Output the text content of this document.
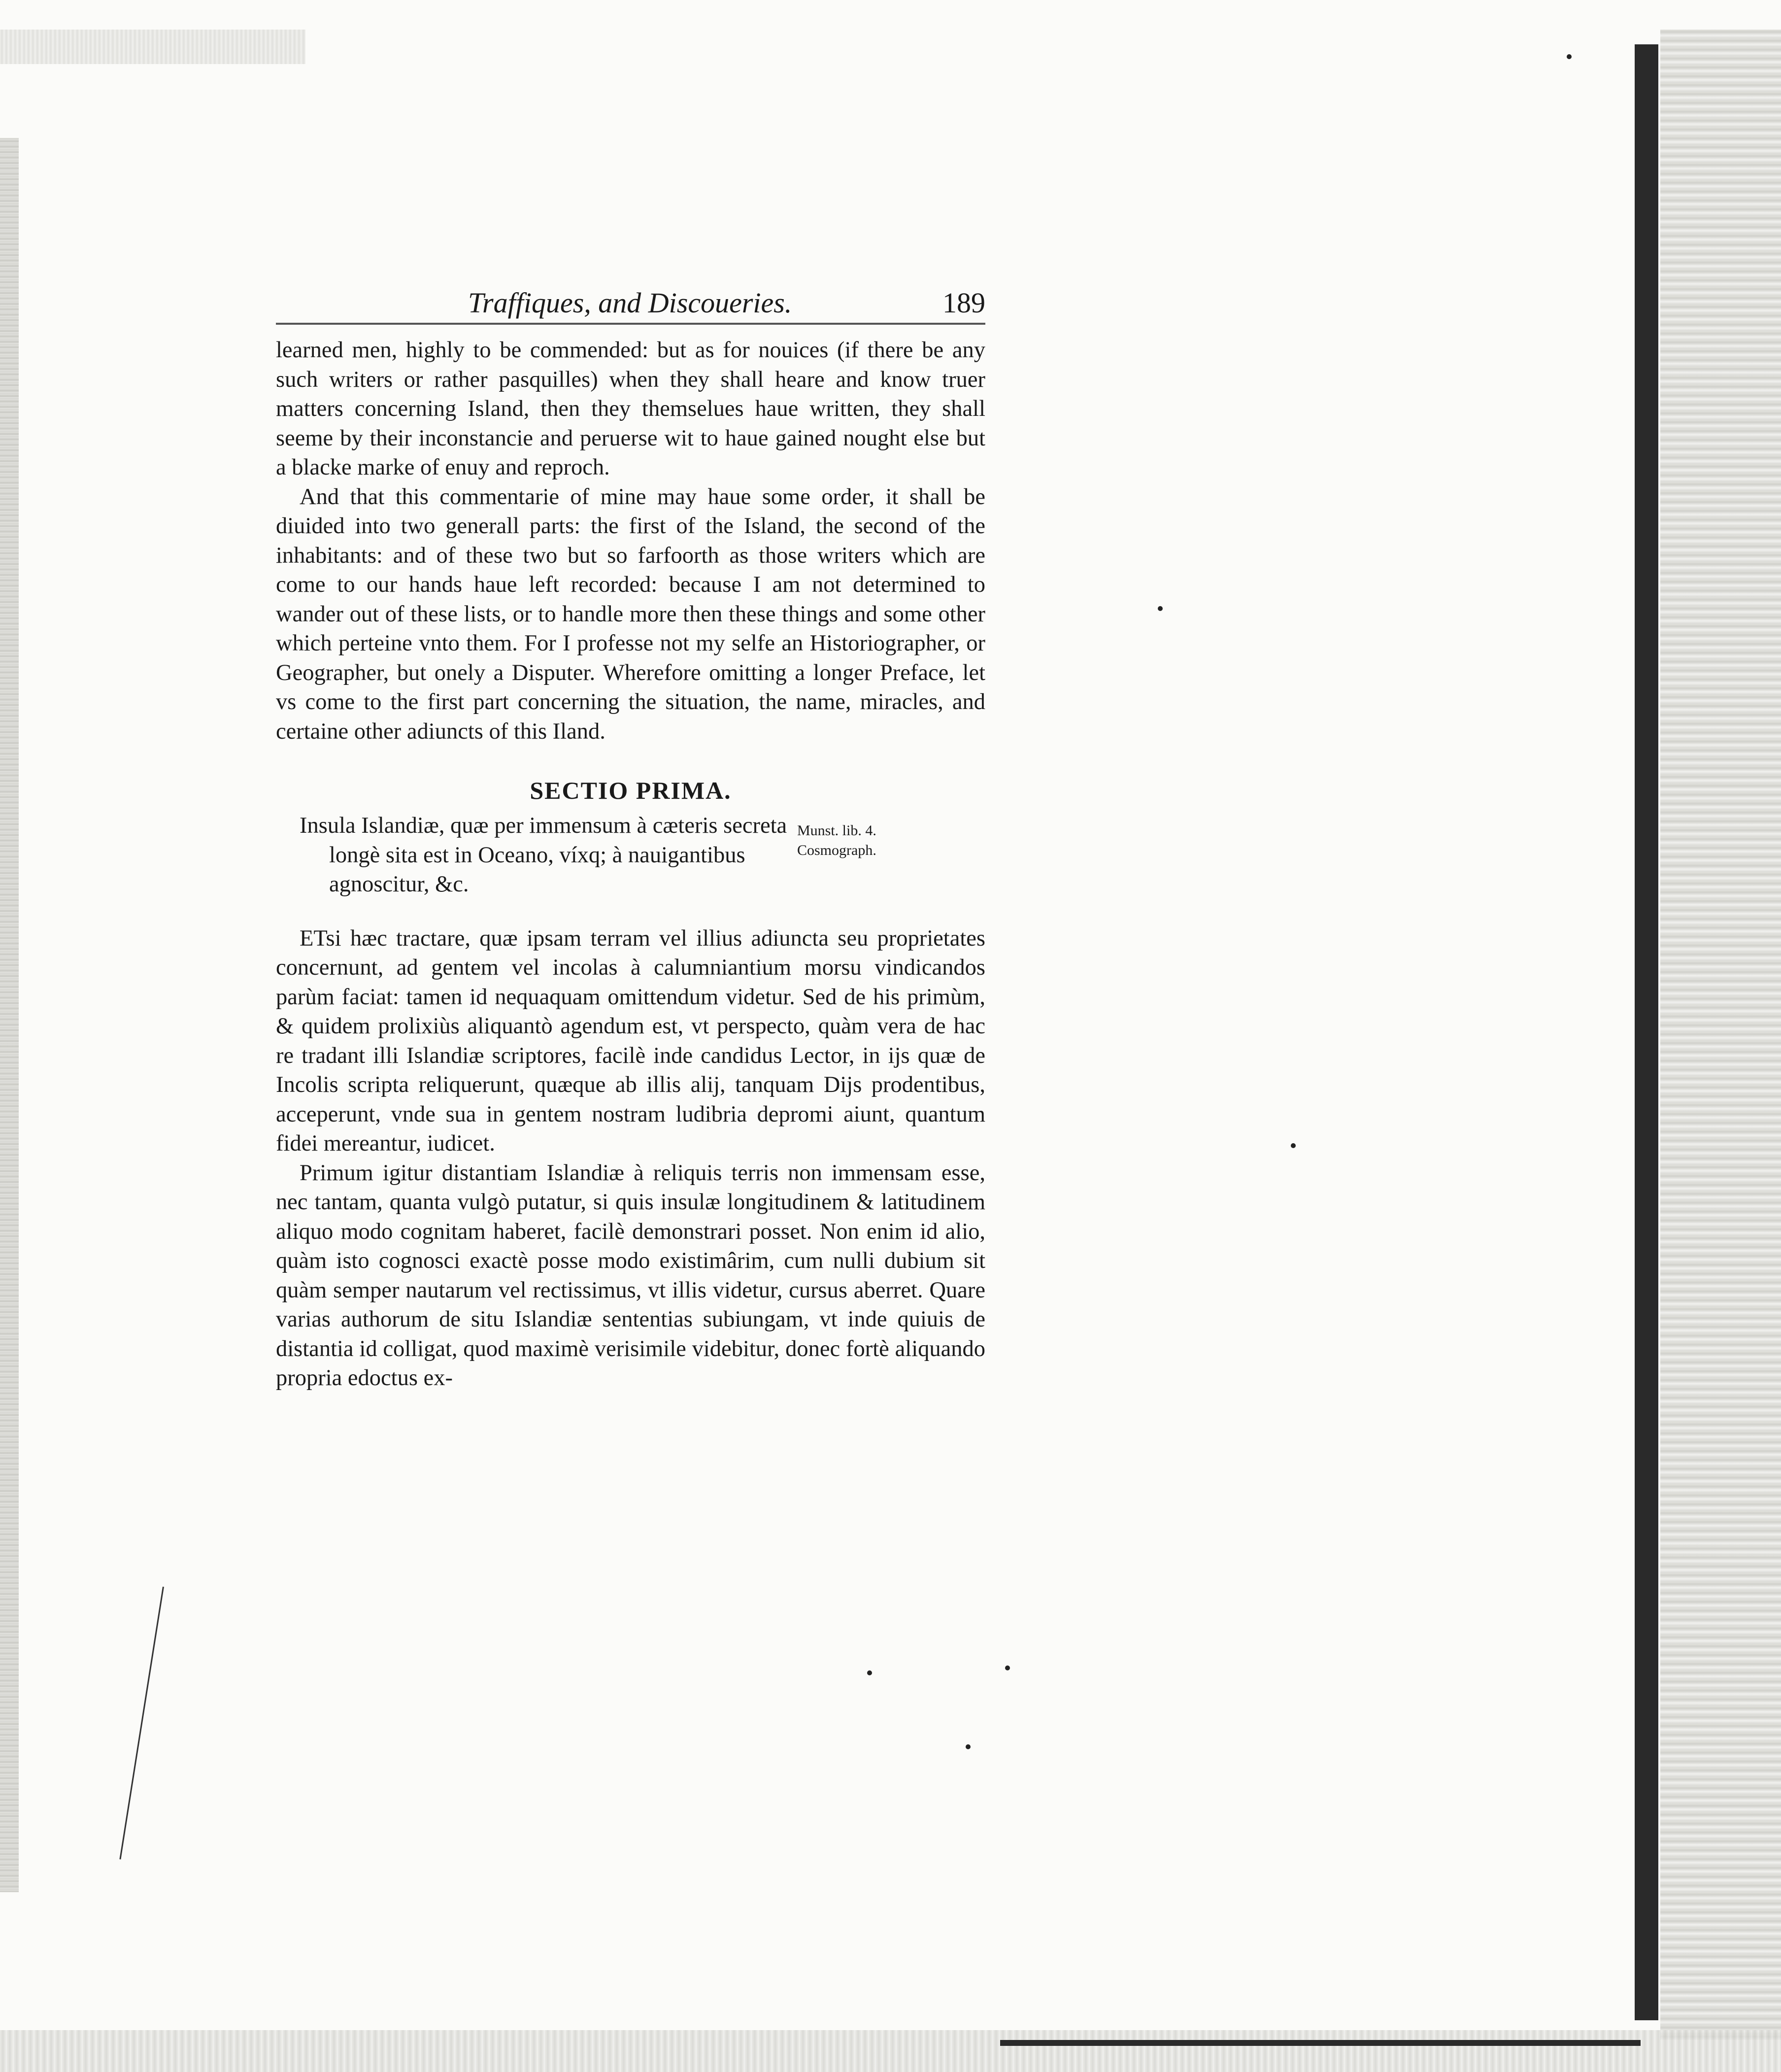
Traffiques, and Discoueries.	189

learned men, highly to be commended: but as for nouices (if there be any such writers or rather pasquilles) when they shall heare and know truer matters concerning Island, then they themselues haue written, they shall seeme by their inconstancie and peruerse wit to haue gained nought else but a blacke marke of enuy and reproch.

And that this commentarie of mine may haue some order, it shall be diuided into two generall parts: the first of the Island, the second of the inhabitants: and of these two but so farfoorth as those writers which are come to our hands haue left recorded: because I am not determined to wander out of these lists, or to handle more then these things and some other which perteine vnto them. For I professe not my selfe an Historiographer, or Geographer, but onely a Disputer. Wherefore omitting a longer Preface, let vs come to the first part concerning the situation, the name, miracles, and certaine other adiuncts of this Iland.

SECTIO PRIMA.

Insula Islandiæ, quæ per immensum à cæteris secreta longè sita est in Oceano, víxq; à nauigantibus agnoscitur, &c.

Munst. lib. 4.
Cosmograph.

ETsi hæc tractare, quæ ipsam terram vel illius adiuncta seu proprietates concernunt, ad gentem vel incolas à calumniantium morsu vindicandos parùm faciat: tamen id nequaquam omittendum videtur. Sed de his primùm, & quidem prolixiùs aliquantò agendum est, vt perspecto, quàm vera de hac re tradant illi Islandiæ scriptores, facilè inde candidus Lector, in ijs quæ de Incolis scripta reliquerunt, quæque ab illis alij, tanquam Dijs prodentibus, acceperunt, vnde sua in gentem nostram ludibria depromi aiunt, quantum fidei mereantur, iudicet.

Primum igitur distantiam Islandiæ à reliquis terris non immensam esse, nec tantam, quanta vulgò putatur, si quis insulæ longitudinem & latitudinem aliquo modo cognitam haberet, facilè demonstrari posset. Non enim id alio, quàm isto cognosci exactè posse modo existimârim, cum nulli dubium sit quàm semper nautarum vel rectissimus, vt illis videtur, cursus aberret. Quare varias authorum de situ Islandiæ sententias subiungam, vt inde quiuis de distantia id colligat, quod maximè verisimile videbitur, donec fortè aliquando propria edoctus ex-
